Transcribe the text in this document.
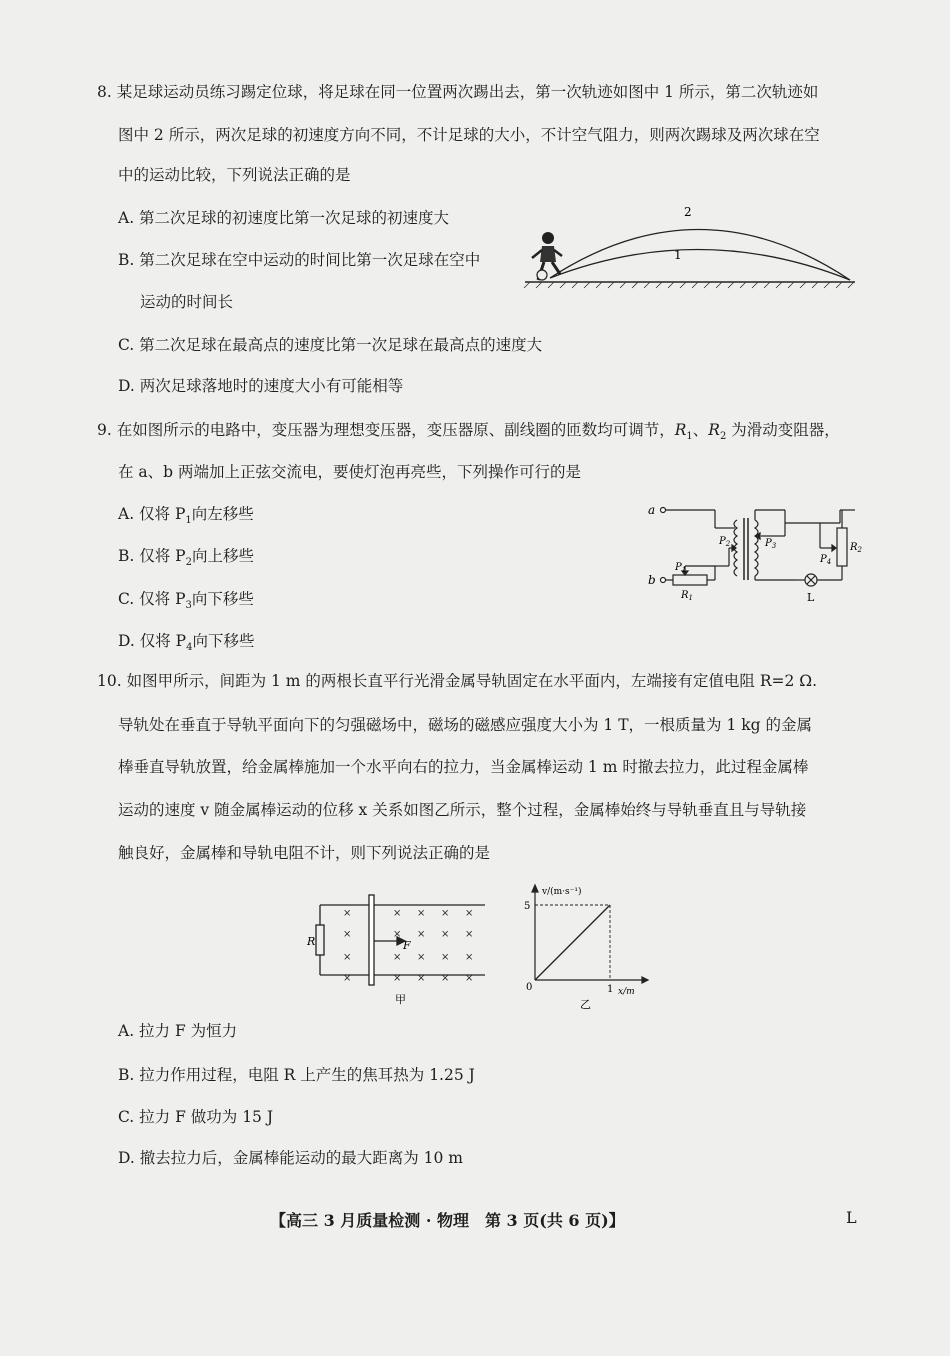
8. 某足球运动员练习踢定位球，将足球在同一位置两次踢出去，第一次轨迹如图中 1 所示，第二次轨迹如
图中 2 所示，两次足球的初速度方向不同，不计足球的大小，不计空气阻力，则两次踢球及两次球在空
中的运动比较，下列说法正确的是
A. 第二次足球的初速度比第一次足球的初速度大
B. 第二次足球在空中运动的时间比第一次足球在空中
运动的时间长
C. 第二次足球在最高点的速度比第一次足球在最高点的速度大
D. 两次足球落地时的速度大小有可能相等
2
1
9. 在如图所示的电路中，变压器为理想变压器，变压器原、副线圈的匝数均可调节，$R_1$、$R_2$ 为滑动变阻器，
在 a、b 两端加上正弦交流电，要使灯泡再亮些，下列操作可行的是
A. 仅将 $P_1$向左移些
B. 仅将 $P_2$向上移些
C. 仅将 $P_3$向下移些
D. 仅将 $P_4$向下移些
a
b
$P_1$
$R_1$
$P_2$	$P_3$
$P_4$
$R_2$
L
10. 如图甲所示，间距为 1 m 的两根长直平行光滑金属导轨固定在水平面内，左端接有定值电阻 R=2 Ω.
导轨处在垂直于导轨平面向下的匀强磁场中，磁场的磁感应强度大小为 1 T，一根质量为 1 kg 的金属
棒垂直导轨放置，给金属棒施加一个水平向右的拉力，当金属棒运动 1 m 时撤去拉力，此过程金属棒
运动的速度 v 随金属棒运动的位移 x 关系如图乙所示，整个过程，金属棒始终与导轨垂直且与导轨接
触良好，金属棒和导轨电阻不计，则下列说法正确的是
×	× × × ×
×	× × × ×
×	× × × ×
×	× × × ×
R	F
甲
5
1
v/(m·s⁻¹)
x/m
0
乙
A. 拉力 F 为恒力
B. 拉力作用过程，电阻 R 上产生的焦耳热为 1.25 J
C. 拉力 F 做功为 15 J
D. 撤去拉力后，金属棒能运动的最大距离为 10 m
【高三 3 月质量检测 · 物理　第 3 页(共 6 页)】	L
